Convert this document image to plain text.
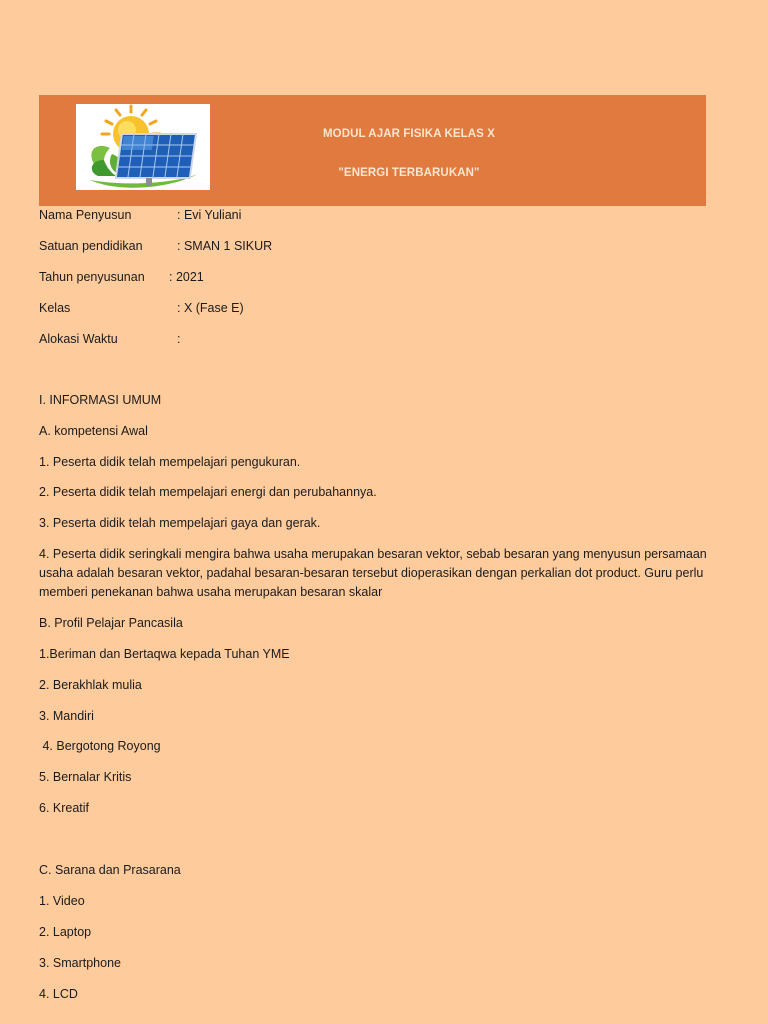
MODUL AJAR FISIKA KELAS X
"ENERGI TERBARUKAN"
Nama Penyusun	: Evi Yuliani
Satuan pendidikan	: SMAN 1 SIKUR
Tahun penyusunan : 2021
Kelas	: X (Fase E)
Alokasi Waktu	:
I. INFORMASI UMUM
A. kompetensi Awal
1. Peserta didik telah mempelajari pengukuran.
2. Peserta didik telah mempelajari energi dan perubahannya.
3. Peserta didik telah mempelajari gaya dan gerak.
4. Peserta didik seringkali mengira bahwa usaha merupakan besaran vektor, sebab besaran yang menyusun persamaan usaha adalah besaran vektor, padahal besaran-besaran tersebut dioperasikan dengan perkalian dot product. Guru perlu memberi penekanan bahwa usaha merupakan besaran skalar
B. Profil Pelajar Pancasila
1.Beriman dan Bertaqwa kepada Tuhan YME
2. Berakhlak mulia
3. Mandiri
4. Bergotong Royong
5. Bernalar Kritis
6. Kreatif
C. Sarana dan Prasarana
1. Video
2. Laptop
3. Smartphone
4. LCD
